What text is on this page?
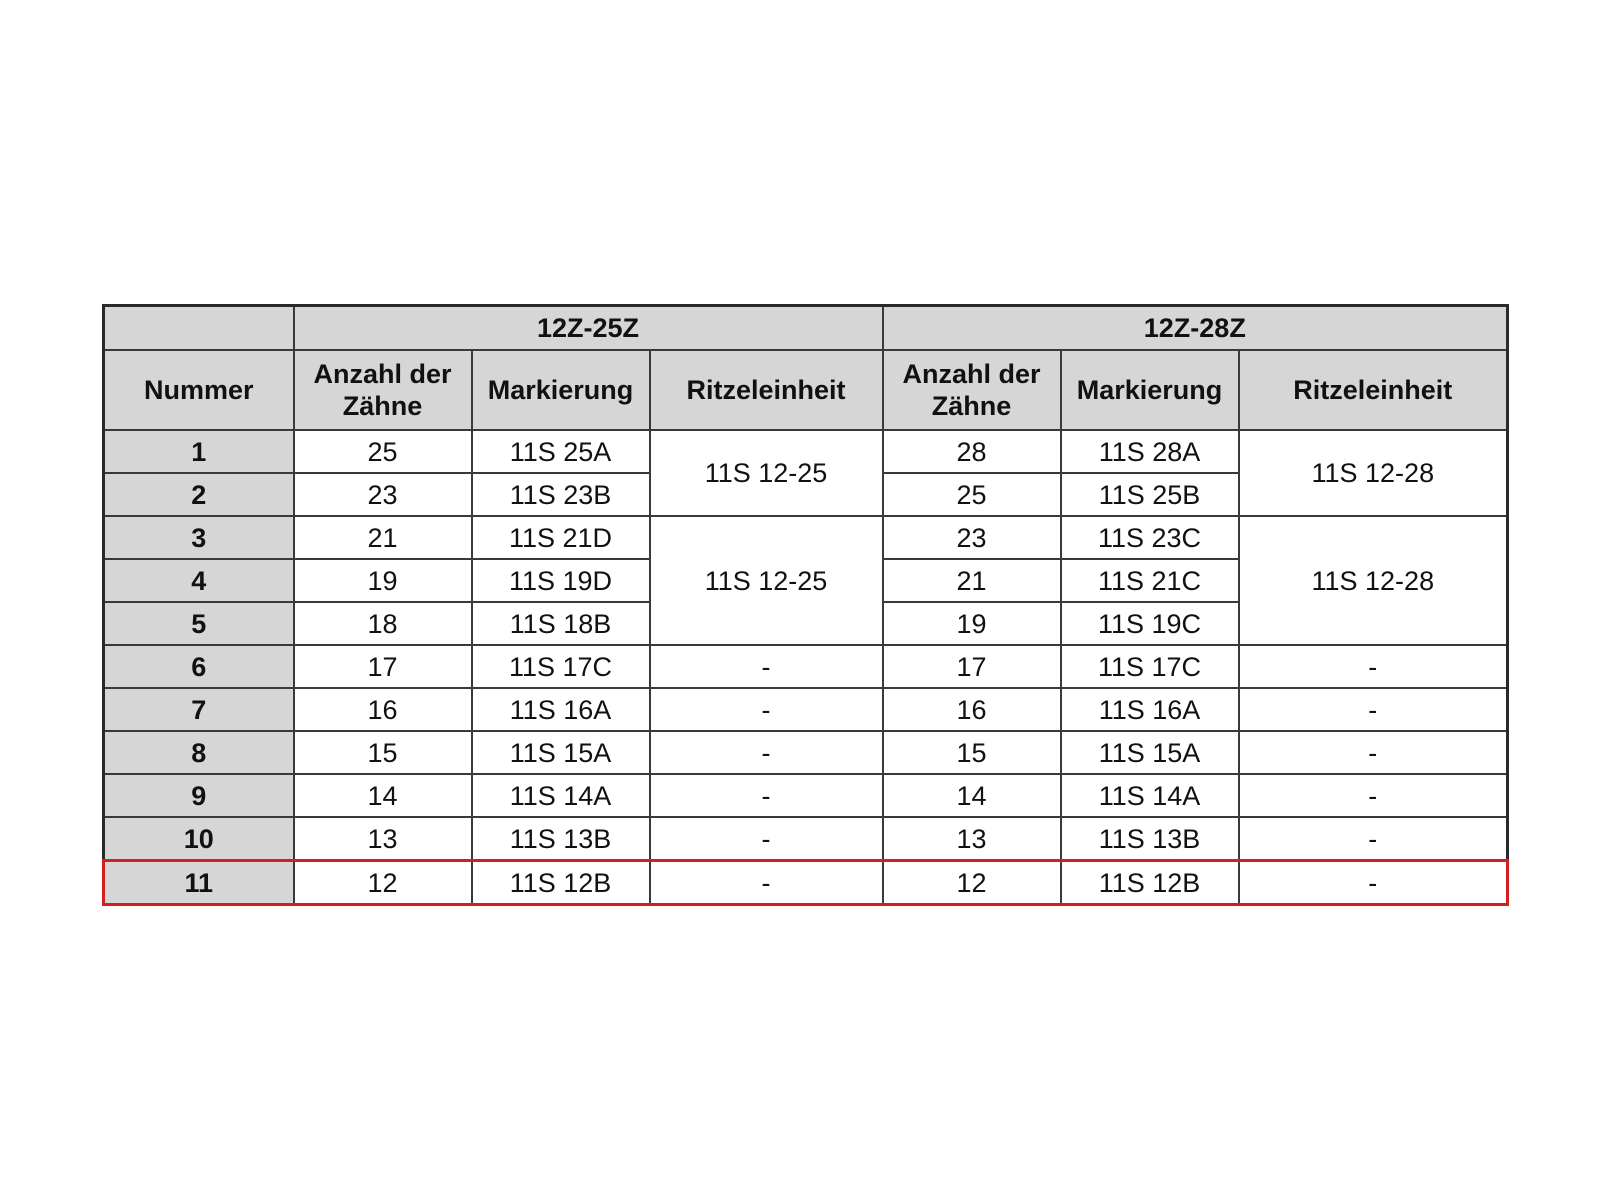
	12Z-25Z			12Z-28Z		
Nummer	Anzahl der Zähne	Markierung	Ritzeleinheit	Anzahl der Zähne	Markierung	Ritzeleinheit
1	25	11S 25A	11S 12-25	28	11S 28A	11S 12-28
2	23	11S 23B		25	11S 25B	
3	21	11S 21D	11S 12-25	23	11S 23C	11S 12-28
4	19	11S 19D		21	11S 21C	
5	18	11S 18B		19	11S 19C	
6	17	11S 17C	-	17	11S 17C	-
7	16	11S 16A	-	16	11S 16A	-
8	15	11S 15A	-	15	11S 15A	-
9	14	11S 14A	-	14	11S 14A	-
10	13	11S 13B	-	13	11S 13B	-
11	12	11S 12B	-	12	11S 12B	-
